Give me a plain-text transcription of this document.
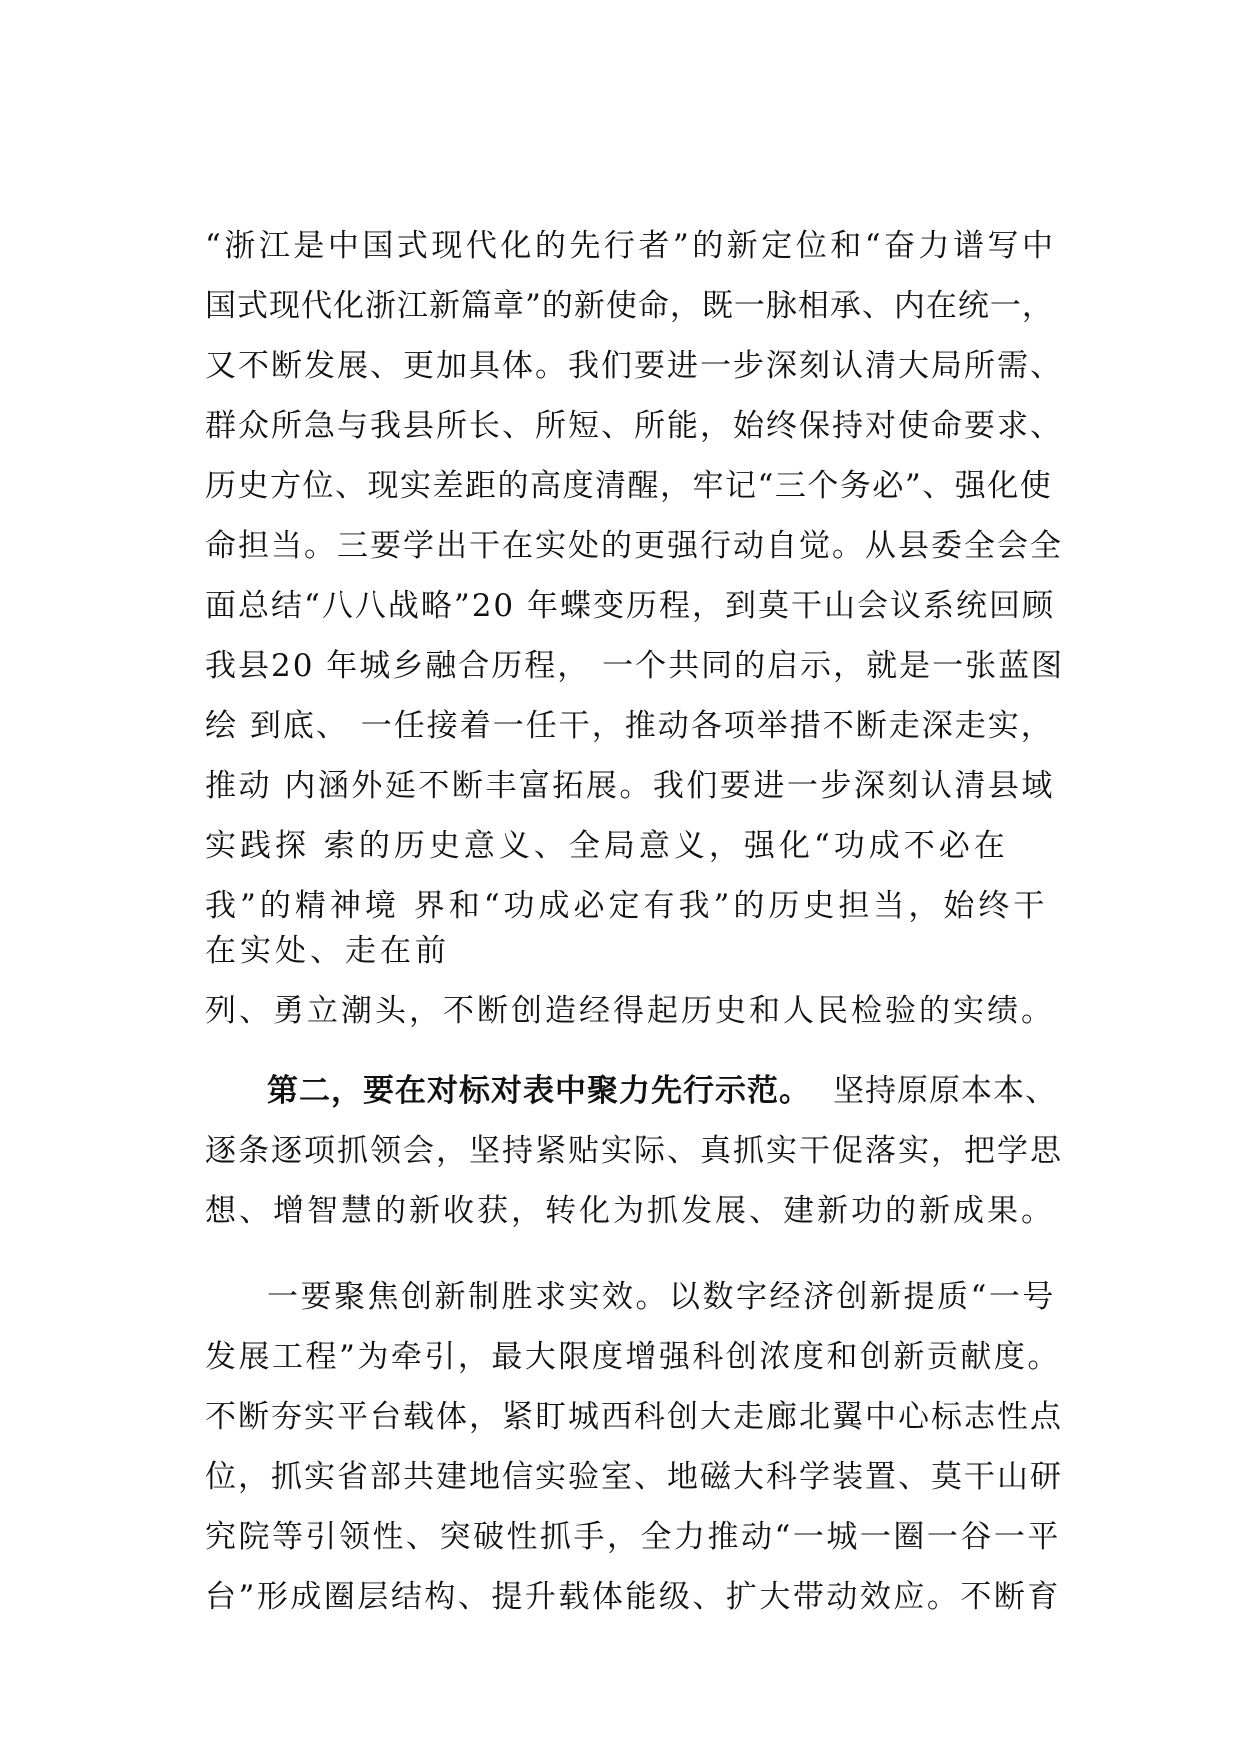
“浙江是中国式现代化的先行者”的新定位和“奋力谱写中
国式现代化浙江新篇章”的新使命，既一脉相承、内在统一，
又不断发展、更加具体。我们要进一步深刻认清大局所需、
群众所急与我县所长、所短、所能，始终保持对使命要求、
历史方位、现实差距的高度清醒，牢记“三个务必”、强化使
命担当。三要学出干在实处的更强行动自觉。从县委全会全
面总结“八八战略”20 年蝶变历程，到莫干山会议系统回顾
我县20 年城乡融合历程， 一个共同的启示，就是一张蓝图
绘 到底、 一任接着一任干，推动各项举措不断走深走实，
推动 内涵外延不断丰富拓展。我们要进一步深刻认清县域
实践探 索的历史意义、全局意义，强化“功成不必在
我”的精神境 界和“功成必定有我”的历史担当，始终干
在实处、走在前
列、勇立潮头，不断创造经得起历史和人民检验的实绩。
第二，要在对标对表中聚力先行示范。 坚持原原本本、
逐条逐项抓领会，坚持紧贴实际、真抓实干促落实，把学思
想、增智慧的新收获，转化为抓发展、建新功的新成果。
一要聚焦创新制胜求实效。以数字经济创新提质“一号
发展工程”为牵引，最大限度增强科创浓度和创新贡献度。
不断夯实平台载体，紧盯城西科创大走廊北翼中心标志性点
位，抓实省部共建地信实验室、地磁大科学装置、莫干山研
究院等引领性、突破性抓手，全力推动“一城一圈一谷一平
台”形成圈层结构、提升载体能级、扩大带动效应。不断育
